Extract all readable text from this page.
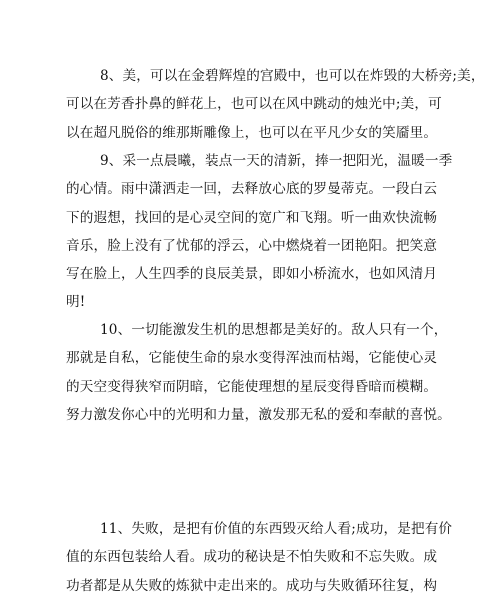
8、美，可以在金碧辉煌的宫殿中，也可以在炸毁的大桥旁;美，
可以在芳香扑鼻的鲜花上，也可以在风中跳动的烛光中;美，可
以在超凡脱俗的维那斯雕像上，也可以在平凡少女的笑靥里。
9、采一点晨曦，装点一天的清新，捧一把阳光，温暖一季
的心情。雨中潇洒走一回，去释放心底的罗曼蒂克。一段白云
下的遐想，找回的是心灵空间的宽广和飞翔。听一曲欢快流畅
音乐，脸上没有了忧郁的浮云，心中燃烧着一团艳阳。把笑意
写在脸上，人生四季的良辰美景，即如小桥流水，也如风清月
明!
10、一切能激发生机的思想都是美好的。敌人只有一个，
那就是自私，它能使生命的泉水变得浑浊而枯竭，它能使心灵
的天空变得狭窄而阴暗，它能使理想的星辰变得昏暗而模糊。
努力激发你心中的光明和力量，激发那无私的爱和奉献的喜悦。
11、失败，是把有价值的东西毁灭给人看;成功，是把有价
值的东西包装给人看。成功的秘诀是不怕失败和不忘失败。成
功者都是从失败的炼狱中走出来的。成功与失败循环往复，构
